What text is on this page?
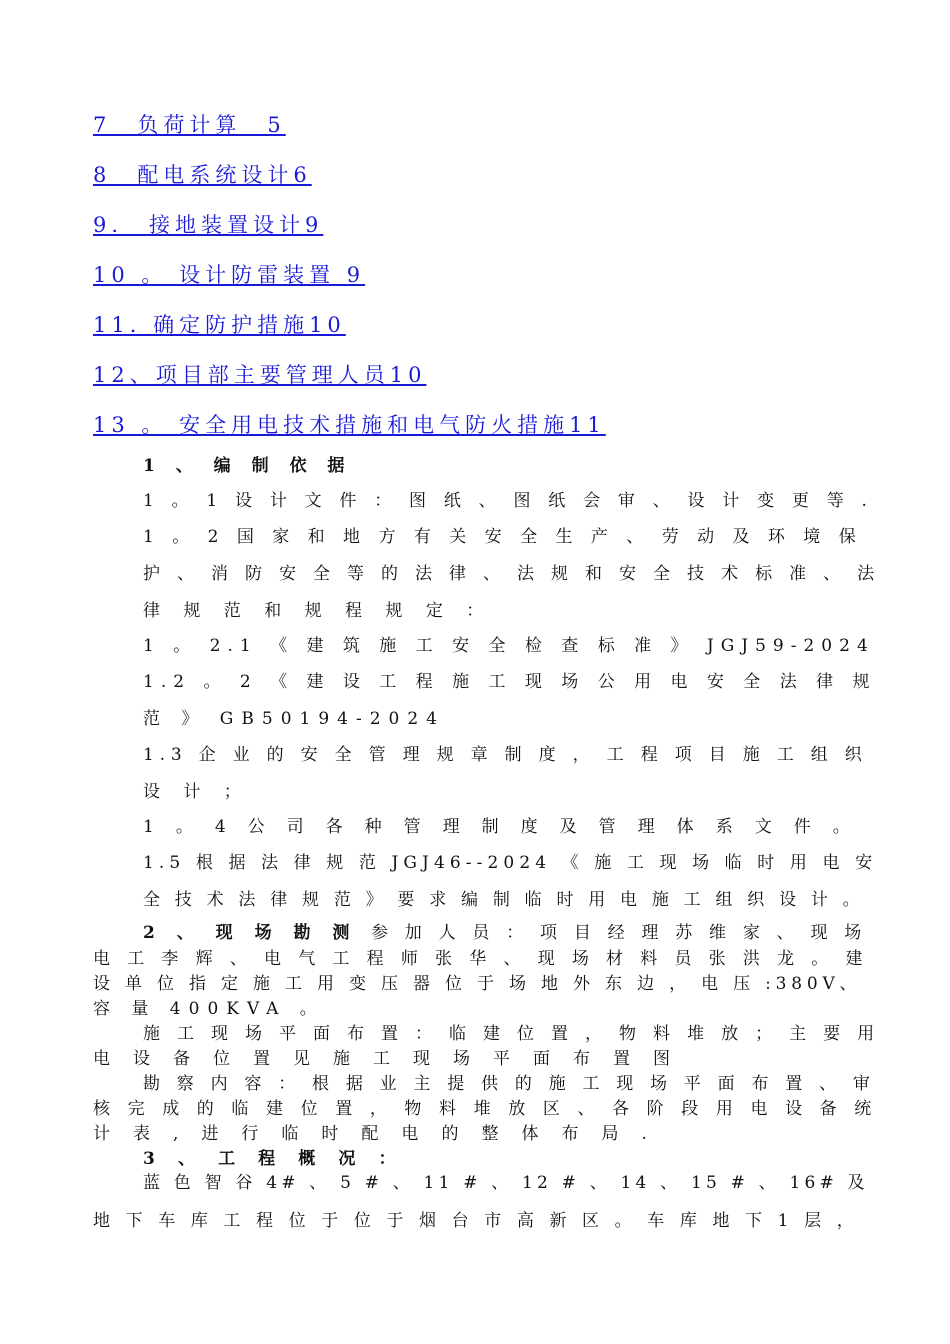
7　负荷计算　5
8　配电系统设计6
9.　接地装置设计9
10 。 设计防雷装置 9
11. 确定防护措施10
12、项目部主要管理人员10
13 。 安全用电技术措施和电气防火措施11
1 、 编 制 依 据
1 。 1 设 计 文 件 ： 图 纸 、 图 纸 会 审 、 设 计 变 更 等 .
1 。 2 国 家 和 地 方 有 关 安 全 生 产 、 劳 动 及 环 境 保
护 、 消 防 安 全 等 的 法 律 、 法 规 和 安 全 技 术 标 准 、 法
律 规 范 和 规 程 规 定 ：
1 。 2.1 《 建 筑 施 工 安 全 检 查 标 准 》 JGJ59-2024
1.2 。 2 《 建 设 工 程 施 工 现 场 公 用 电 安 全 法 律 规
范 》 GB50194-2024
1.3 企 业 的 安 全 管 理 规 章 制 度 ， 工 程 项 目 施 工 组 织
设 计 ；
1 。 4 公 司 各 种 管 理 制 度 及 管 理 体 系 文 件 。
1.5 根 据 法 律 规 范 JGJ46--2024 《 施 工 现 场 临 时 用 电 安
全 技 术 法 律 规 范 》 要 求 编 制 临 时 用 电 施 工 组 织 设 计 。
2 、 现 场 勘 测 参 加 人 员 ： 项 目 经 理 苏 维 家 、 现 场
电 工 李 辉 、 电 气 工 程 师 张 华 、 现 场 材 料 员 张 洪 龙 。 建
设 单 位 指 定 施 工 用 变 压 器 位 于 场 地 外 东 边 ， 电 压 :380V、
容 量 400KVA 。
施 工 现 场 平 面 布 置 ： 临 建 位 置 ， 物 料 堆 放 ； 主 要 用
电 设 备 位 置 见 施 工 现 场 平 面 布 置 图
勘 察 内 容 ： 根 据 业 主 提 供 的 施 工 现 场 平 面 布 置 、 审
核 完 成 的 临 建 位 置 ， 物 料 堆 放 区 、 各 阶 段 用 电 设 备 统
计 表 , 进 行 临 时 配 电 的 整 体 布 局 .
3 、 工 程 概 况 ：
蓝 色 智 谷 4# 、 5 # 、 11 # 、 12 # 、 14 、 15 # 、 16# 及
地 下 车 库 工 程 位 于 位 于 烟 台 市 高 新 区 。 车 库 地 下 1 层 ，
